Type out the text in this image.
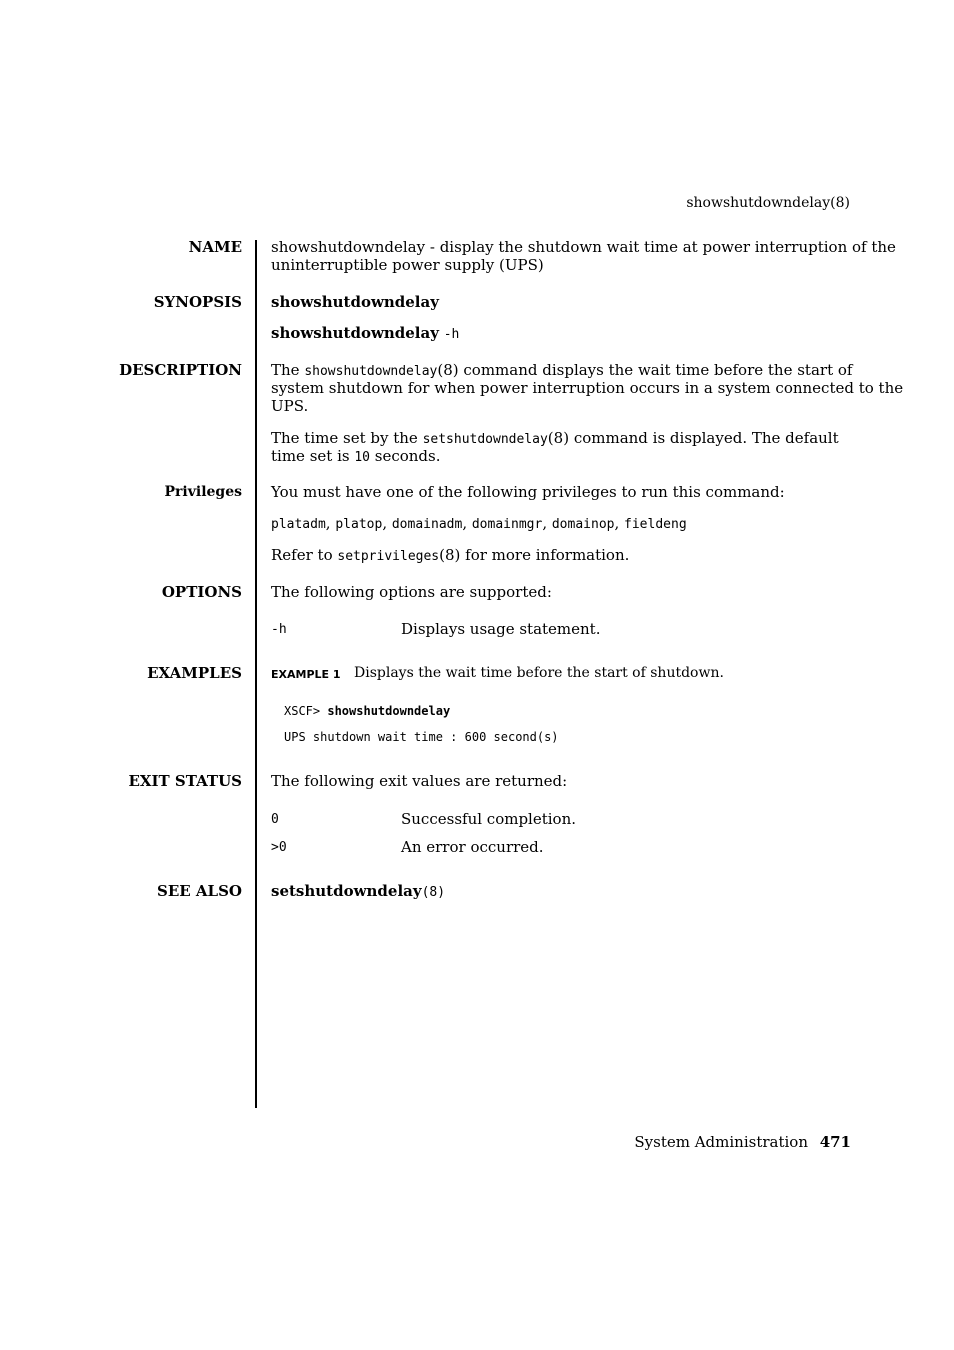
showshutdowndelay(8)
NAME showshutdowndelay - display the shutdown wait time at power interruption of the
uninterruptible power supply (UPS)
SYNOPSIS showshutdowndelay
showshutdowndelay -h
DESCRIPTION The showshutdowndelay(8) command displays the wait time before the start of
system shutdown for when power interruption occurs in a system connected to the
UPS.
The time set by the setshutdowndelay(8) command is displayed. The default
time set is 10 seconds.
Privileges You must have one of the following privileges to run this command:
platadm, platop, domainadm, domainmgr, domainop, fieldeng
Refer to setprivileges(8) for more information.
OPTIONS The following options are supported:
-h	Displays usage statement.
EXAMPLES	EXAMPLE 1 Displays the wait time before the start of shutdown.
XSCF> showshutdowndelay
UPS shutdown wait time : 600 second(s)
EXIT STATUS The following exit values are returned:
0	Successful completion.
>0	An error occurred.
SEE ALSO setshutdowndelay(8)
System Administration 471
